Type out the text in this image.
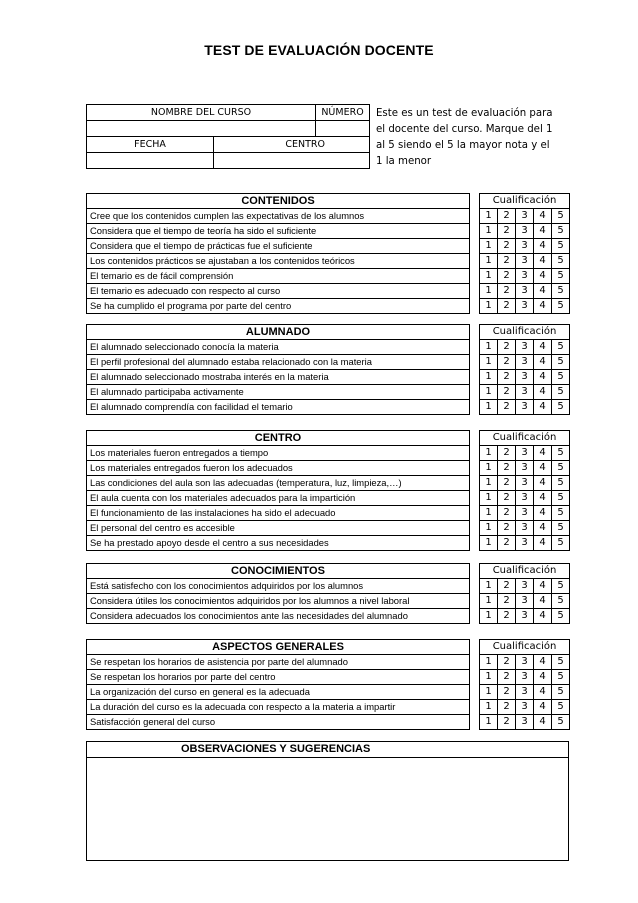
TEST DE EVALUACIÓN DOCENTE
NOMBRE DEL CURSO		NÚMERO

FECHA	CENTRO	

Este es un test de evaluación para el docente del curso. Marque del 1 al 5 siendo el 5 la mayor nota y el 1 la menor
CONTENIDOS		Cualificación				
Cree que los contenidos cumplen las expectativas de los alumnos		1	2	3	4	5
Considera que el tiempo de teoría ha sido el suficiente		1	2	3	4	5
Considera que el tiempo de prácticas fue el suficiente		1	2	3	4	5
Los contenidos prácticos se ajustaban a los contenidos teóricos		1	2	3	4	5
El temario es de fácil comprensión		1	2	3	4	5
El temario es adecuado con respecto al curso		1	2	3	4	5
Se ha cumplido el programa por parte del centro		1	2	3	4	5
ALUMNADO		Cualificación				
El alumnado seleccionado conocía la materia		1	2	3	4	5
El perfil profesional del alumnado estaba relacionado con la materia		1	2	3	4	5
El alumnado seleccionado mostraba interés en la materia		1	2	3	4	5
El alumnado participaba activamente		1	2	3	4	5
El alumnado comprendía con facilidad el temario		1	2	3	4	5
CENTRO		Cualificación				
Los materiales fueron entregados a tiempo		1	2	3	4	5
Los materiales entregados fueron los adecuados		1	2	3	4	5
Las condiciones del aula son las adecuadas (temperatura, luz, limpieza,…)		1	2	3	4	5
El aula cuenta con los materiales adecuados para la impartición		1	2	3	4	5
El funcionamiento de las instalaciones ha sido el adecuado		1	2	3	4	5
El personal del centro es accesible		1	2	3	4	5
Se ha prestado apoyo desde el centro a sus necesidades		1	2	3	4	5
CONOCIMIENTOS		Cualificación				
Está satisfecho con los conocimientos adquiridos por los alumnos		1	2	3	4	5
Considera útiles los conocimientos adquiridos por los alumnos a nivel laboral		1	2	3	4	5
Considera adecuados los conocimientos ante las necesidades del alumnado		1	2	3	4	5
ASPECTOS GENERALES		Cualificación				
Se respetan los horarios de asistencia por parte del alumnado		1	2	3	4	5
Se respetan los horarios por parte del centro		1	2	3	4	5
La organización del curso en general es la adecuada		1	2	3	4	5
La duración del curso es la adecuada con respecto a la materia a impartir		1	2	3	4	5
Satisfacción general del curso		1	2	3	4	5
OBSERVACIONES Y SUGERENCIAS
